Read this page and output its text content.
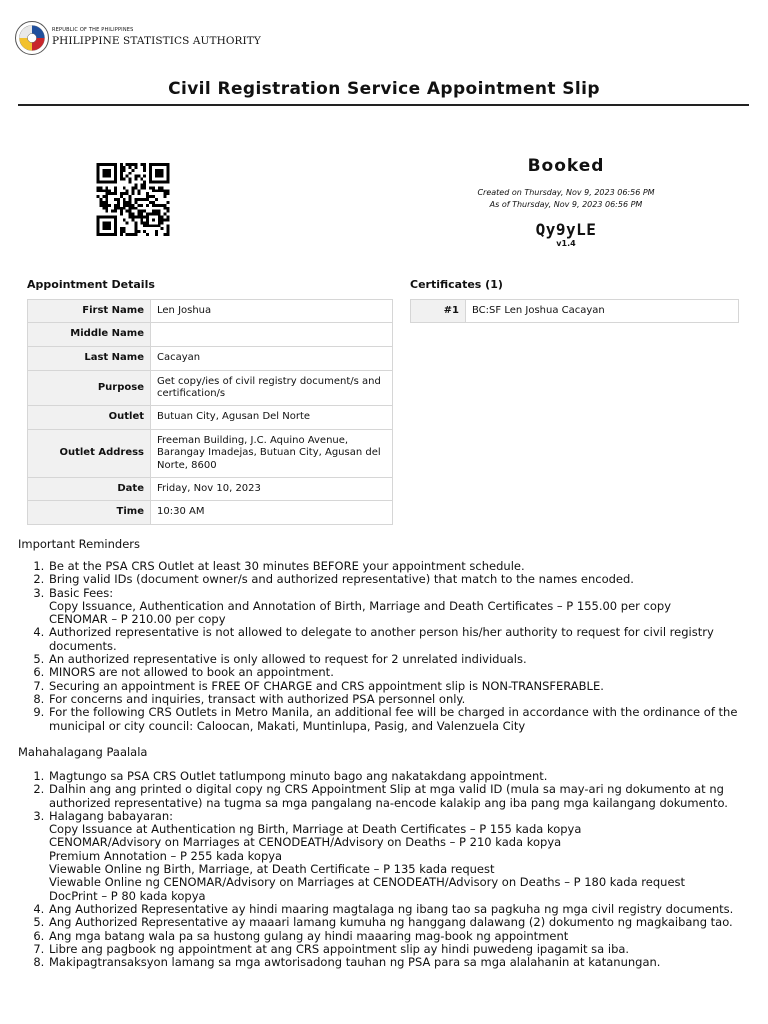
REPUBLIC OF THE PHILIPPINES
PHILIPPINE STATISTICS AUTHORITY
Civil Registration Service Appointment Slip
Booked
Created on Thursday, Nov 9, 2023 06:56 PM
As of Thursday, Nov 9, 2023 06:56 PM
Qy9yLE
v1.4
Appointment Details
First Name	Len Joshua
Middle Name	
Last Name	Cacayan
Purpose	Get copy/ies of civil registry document/s and certification/s
Outlet	Butuan City, Agusan Del Norte
Outlet Address	Freeman Building, J.C. Aquino Avenue, Barangay Imadejas, Butuan City, Agusan del Norte, 8600
Date	Friday, Nov 10, 2023
Time	10:30 AM
Certificates (1)
#1	BC:SF Len Joshua Cacayan
Important Reminders
1. Be at the PSA CRS Outlet at least 30 minutes BEFORE your appointment schedule.
2. Bring valid IDs (document owner/s and authorized representative) that match to the names encoded.
3. Basic Fees:
Copy Issuance, Authentication and Annotation of Birth, Marriage and Death Certificates – P 155.00 per copy
CENOMAR – P 210.00 per copy
4. Authorized representative is not allowed to delegate to another person his/her authority to request for civil registry documents.
5. An authorized representative is only allowed to request for 2 unrelated individuals.
6. MINORS are not allowed to book an appointment.
7. Securing an appointment is FREE OF CHARGE and CRS appointment slip is NON-TRANSFERABLE.
8. For concerns and inquiries, transact with authorized PSA personnel only.
9. For the following CRS Outlets in Metro Manila, an additional fee will be charged in accordance with the ordinance of the municipal or city council: Caloocan, Makati, Muntinlupa, Pasig, and Valenzuela City
Mahahalagang Paalala
1. Magtungo sa PSA CRS Outlet tatlumpong minuto bago ang nakatakdang appointment.
2. Dalhin ang ang printed o digital copy ng CRS Appointment Slip at mga valid ID (mula sa may-ari ng dokumento at ng authorized representative) na tugma sa mga pangalang na-encode kalakip ang iba pang mga kailangang dokumento.
3. Halagang babayaran:
Copy Issuance at Authentication ng Birth, Marriage at Death Certificates – P 155 kada kopya
CENOMAR/Advisory on Marriages at CENODEATH/Advisory on Deaths – P 210 kada kopya
Premium Annotation – P 255 kada kopya
Viewable Online ng Birth, Marriage, at Death Certificate – P 135 kada request
Viewable Online ng CENOMAR/Advisory on Marriages at CENODEATH/Advisory on Deaths – P 180 kada request
DocPrint – P 80 kada kopya
4. Ang Authorized Representative ay hindi maaring magtalaga ng ibang tao sa pagkuha ng mga civil registry documents.
5. Ang Authorized Representative ay maaari lamang kumuha ng hanggang dalawang (2) dokumento ng magkaibang tao.
6. Ang mga batang wala pa sa hustong gulang ay hindi maaaring mag-book ng appointment
7. Libre ang pagbook ng appointment at ang CRS appointment slip ay hindi puwedeng ipagamit sa iba.
8. Makipagtransaksyon lamang sa mga awtorisadong tauhan ng PSA para sa mga alalahanin at katanungan.
